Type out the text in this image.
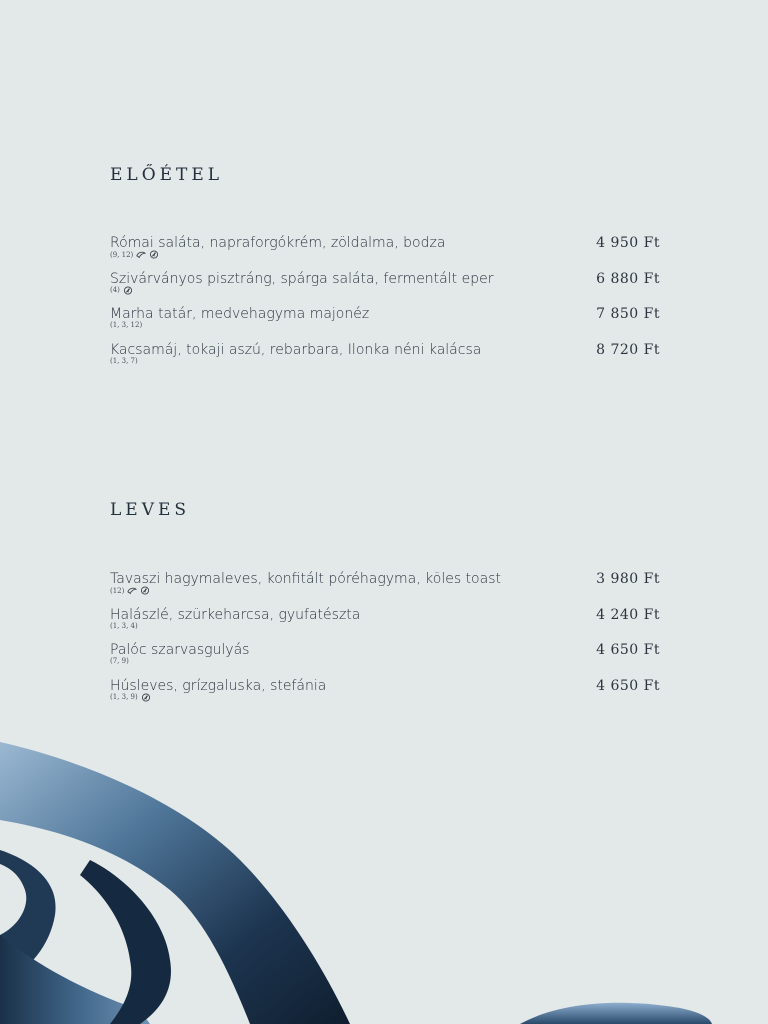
ELŐÉTEL
Római saláta, napraforgókrém, zöldalma, bodza	4 950 Ft
(9, 12)
Szivárványos pisztráng, spárga saláta, fermentált eper	6 880 Ft
(4)
Marha tatár, medvehagyma majonéz	7 850 Ft
(1, 3, 12)
Kacsamáj, tokaji aszú, rebarbara, Ilonka néni kalácsa	8 720 Ft
(1, 3, 7)
LEVES
Tavaszi hagymaleves, konfitált póréhagyma, köles toast	3 980 Ft
(12)
Halászlé, szürkeharcsa, gyufatészta	4 240 Ft
(1, 3, 4)
Palóc szarvasgulyás	4 650 Ft
(7, 9)
Húsleves, grízgaluska, stefánia	4 650 Ft
(1, 3, 9)
